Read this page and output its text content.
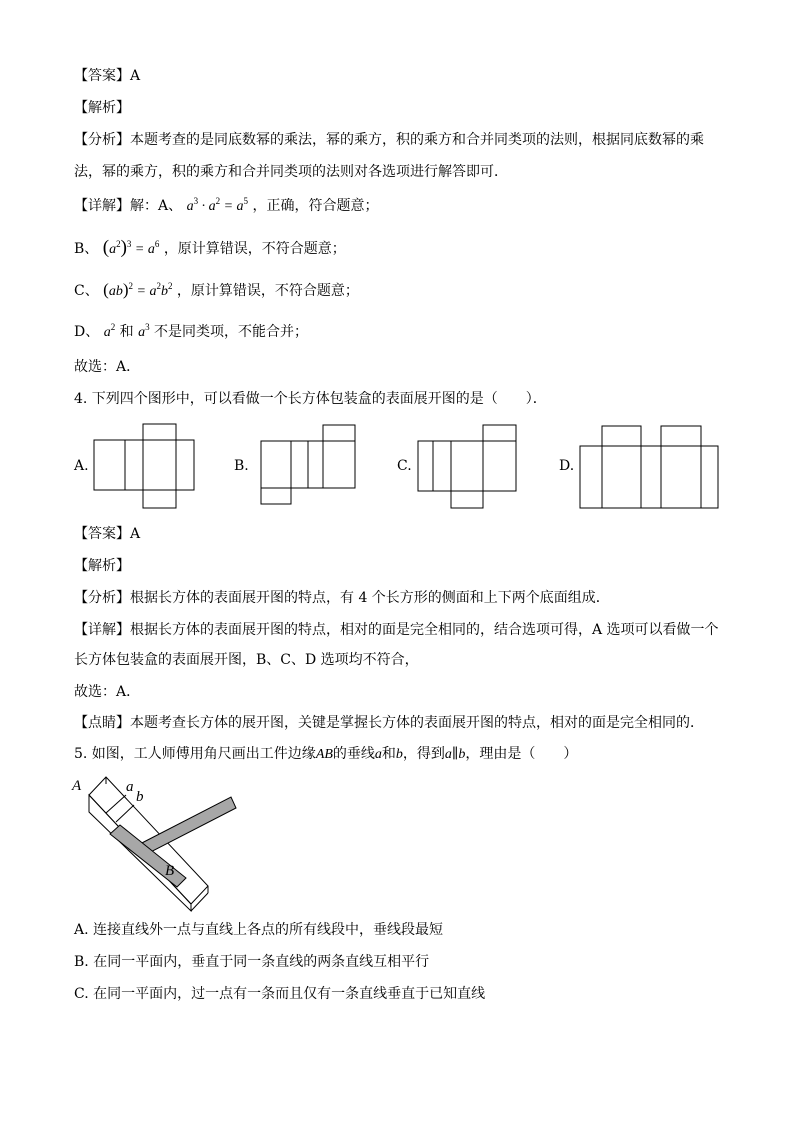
【答案】A
【解析】
【分析】本题考查的是同底数幂的乘法，幂的乘方，积的乘方和合并同类项的法则，根据同底数幂的乘
法，幂的乘方，积的乘方和合并同类项的法则对各选项进行解答即可．
【详解】解：A、 $a^3 \cdot a^2 = a^5$ ，正确，符合题意；
B、 $(a^2)^3 = a^6$ ，原计算错误，不符合题意；
C、 $(ab)^2 = a^2b^2$ ，原计算错误，不符合题意；
D、 $a^2$ 和 $a^3$ 不是同类项，不能合并；
故选：A．
4. 下列四个图形中，可以看做一个长方体包装盒的表面展开图的是（　　）．
A.	B.	C.	D.
【答案】A
【解析】
【分析】根据长方体的表面展开图的特点，有 4 个长方形的侧面和上下两个底面组成．
【详解】根据长方体的表面展开图的特点，相对的面是完全相同的，结合选项可得，A 选项可以看做一个
长方体包装盒的表面展开图，B、C、D 选项均不符合，
故选：A．
【点睛】本题考查长方体的展开图，关键是掌握长方体的表面展开图的特点，相对的面是完全相同的．
5. 如图，工人师傅用角尺画出工件边缘AB的垂线a和b，得到a∥b，理由是（　　）
A	a
b
B
A. 连接直线外一点与直线上各点的所有线段中，垂线段最短
B. 在同一平面内，垂直于同一条直线的两条直线互相平行
C. 在同一平面内，过一点有一条而且仅有一条直线垂直于已知直线
